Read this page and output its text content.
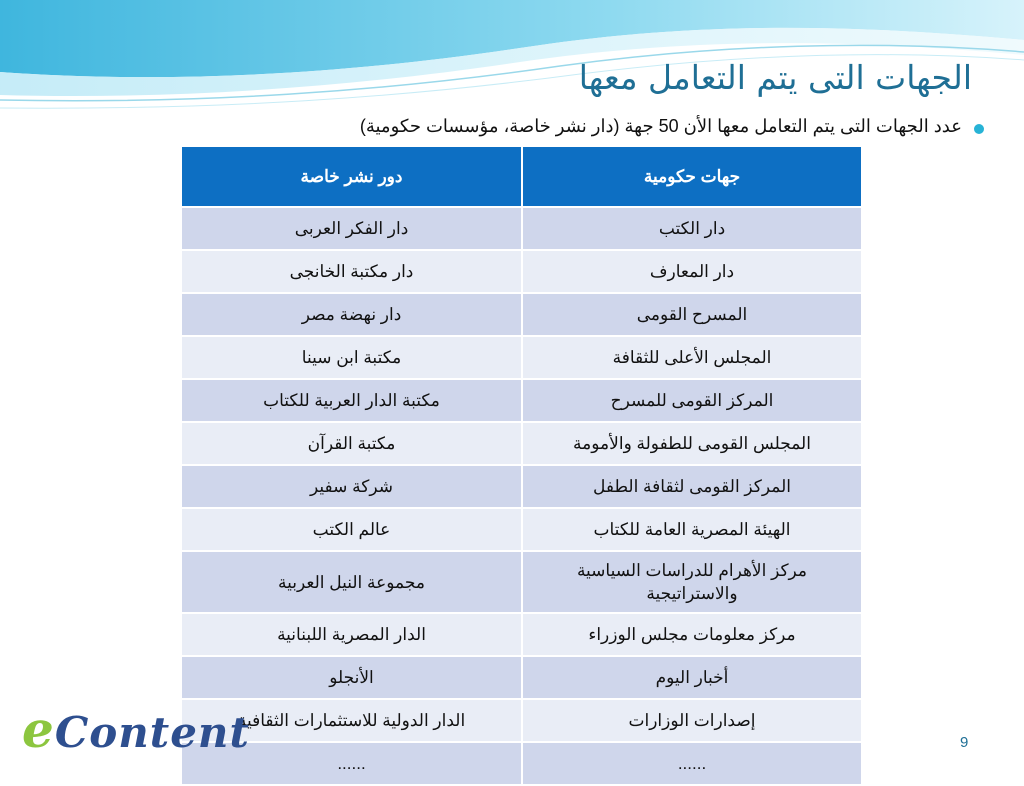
الجهات التى يتم التعامل معها
عدد الجهات التى يتم التعامل معها الأن 50 جهة (دار نشر خاصة، مؤسسات حكومية)
جهات حكومية	دور نشر خاصة
دار الكتب	دار الفكر العربى
دار المعارف	دار مكتبة الخانجى
المسرح القومى	دار نهضة مصر
المجلس الأعلى للثقافة	مكتبة ابن سينا
المركز القومى للمسرح	مكتبة الدار العربية للكتاب
المجلس القومى للطفولة والأمومة	مكتبة القرآن
المركز القومى لثقافة الطفل	شركة سفير
الهيئة المصرية العامة للكتاب	عالم الكتب
مركز الأهرام للدراسات السياسية والاستراتيجية	مجموعة النيل العربية
مركز معلومات مجلس الوزراء	الدار المصرية اللبنانية
أخبار اليوم	الأنجلو
إصدارات الوزارات	الدار الدولية للاستثمارات الثقافية
......	......
eContent	9
